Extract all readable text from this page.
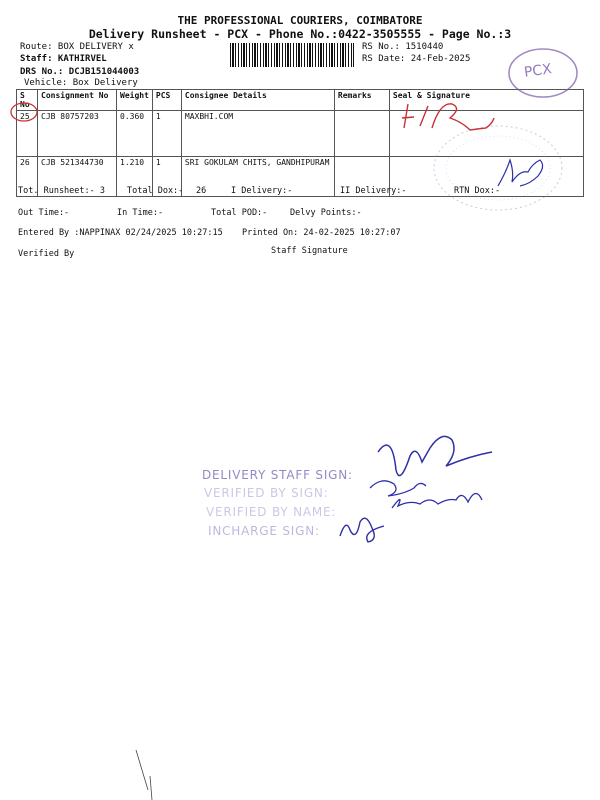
THE PROFESSIONAL COURIERS, COIMBATORE
Delivery Runsheet - PCX - Phone No.:0422-3505555 - Page No.:3
Route: BOX DELIVERY x
Staff: KATHIRVEL
DRS No.: DCJB151044003
Vehicle: Box Delivery
RS No.: 1510440
RS Date: 24-Feb-2025
S No	Consignment No	Weight	PCS	Consignee Details	Remarks	Seal & Signature
25	CJB 80757203	0.360	1	MAXBHI.COM		
26	CJB 521344730	1.210	1	SRI GOKULAM CHITS, GANDHIPURAM		
Tot. Runsheet:- 3	Total Dox:- 26	I Delivery:-	II Delivery:-	RTN Dox:-
Out Time:-	In Time:-	Total POD:-	Delvy Points:-
Entered By :NAPPINAX 02/24/2025 10:27:15 Printed On: 24-02-2025 10:27:07
Verified By	Staff Signature
DELIVERY STAFF SIGN:
VERIFIED BY SIGN:
VERIFIED BY NAME:
INCHARGE SIGN:
PCX
